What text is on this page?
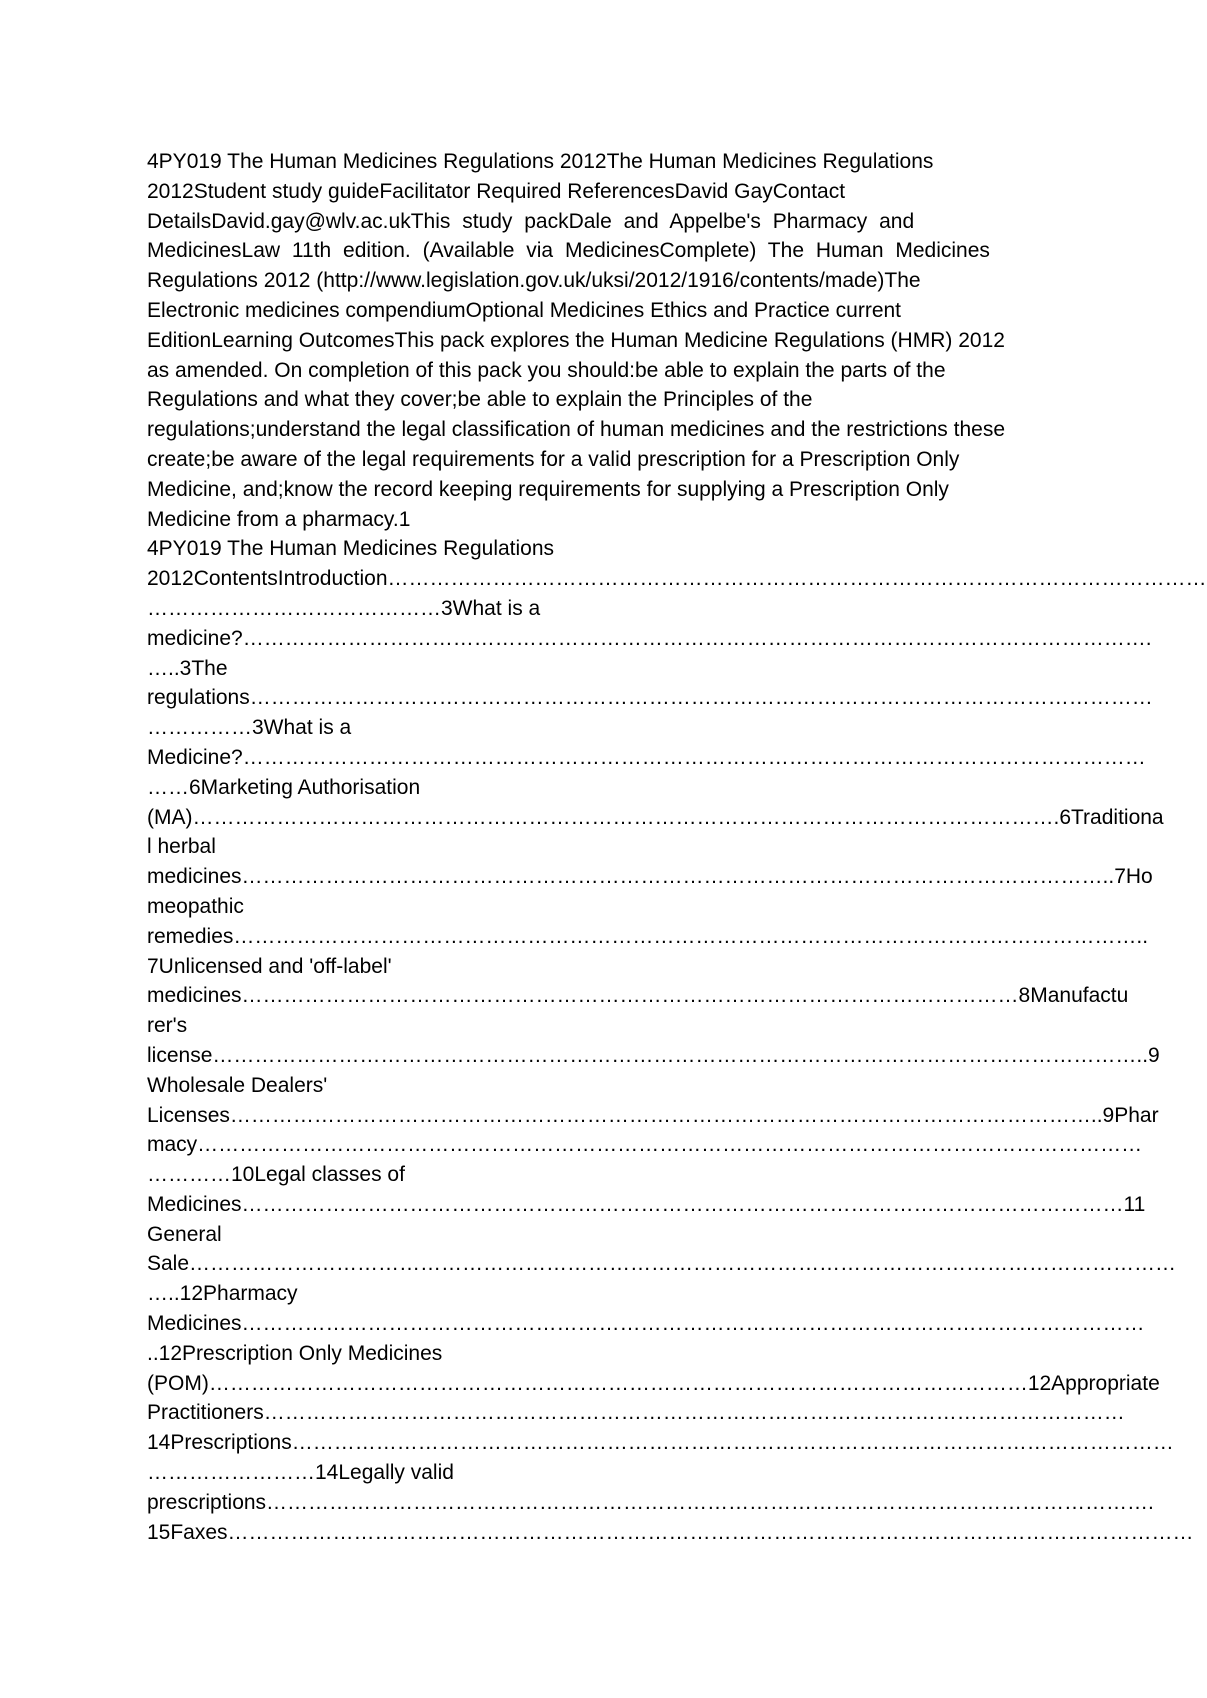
4PY019 The Human Medicines Regulations 2012The Human Medicines Regulations
2012Student study guideFacilitator Required ReferencesDavid GayContact
DetailsDavid.gay@wlv.ac.ukThis study packDale and Appelbe's Pharmacy and
MedicinesLaw 11th edition. (Available via MedicinesComplete) The Human Medicines
Regulations 2012 (http://www.legislation.gov.uk/uksi/2012/1916/contents/made)The
Electronic medicines compendiumOptional Medicines Ethics and Practice current
EditionLearning OutcomesThis pack explores the Human Medicine Regulations (HMR) 2012
as amended. On completion of this pack you should:be able to explain the parts of the
Regulations and what they cover;be able to explain the Principles of the
regulations;understand the legal classification of human medicines and the restrictions these
create;be aware of the legal requirements for a valid prescription for a Prescription Only
Medicine, and;know the record keeping requirements for supplying a Prescription Only
Medicine from a pharmacy.1
4PY019 The Human Medicines Regulations
2012ContentsIntroduction………………………………………………………………………………………………………
……………………………………3What is a
medicine?………………………………………………………………………………………………………………….
…..3The
regulations…………………………………………………………………………………………………………………
……………3What is a
Medicine?…………………………………………………………………………………………………………………
……6Marketing Authorisation
(MA)…………………………………………………………………………………………………………….6Traditiona
l herbal
medicines……………………………………………………………………………………………………………..7Ho
meopathic
remedies…………………………………………………………………………………………………………………..
7Unlicensed and 'off-label'
medicines…………………………………………………………………………………………………8Manufactu
rer's
license……………………………………………………………………………………………………………………..9
Wholesale Dealers'
Licenses……………………………………………………………………………………………………………..9Phar
macy………………………………………………………………………………………………………………………
…………10Legal classes of
Medicines………………………………………………………………………………………………………………11
General
Sale……………………………………………………………………………………………………………………………
…..12Pharmacy
Medicines…………………………………………………………………………………………………………………
..12Prescription Only Medicines
(POM)………………………………………………………………………………………………………12Appropriate
Practitioners……………………………………………………………………………………………………………
14Prescriptions………………………………………………………………………………………………………………
……………………14Legally valid
prescriptions……………………………………………………………………………………………………………….
15Faxes…………………………………………………………………………………………………………………………
